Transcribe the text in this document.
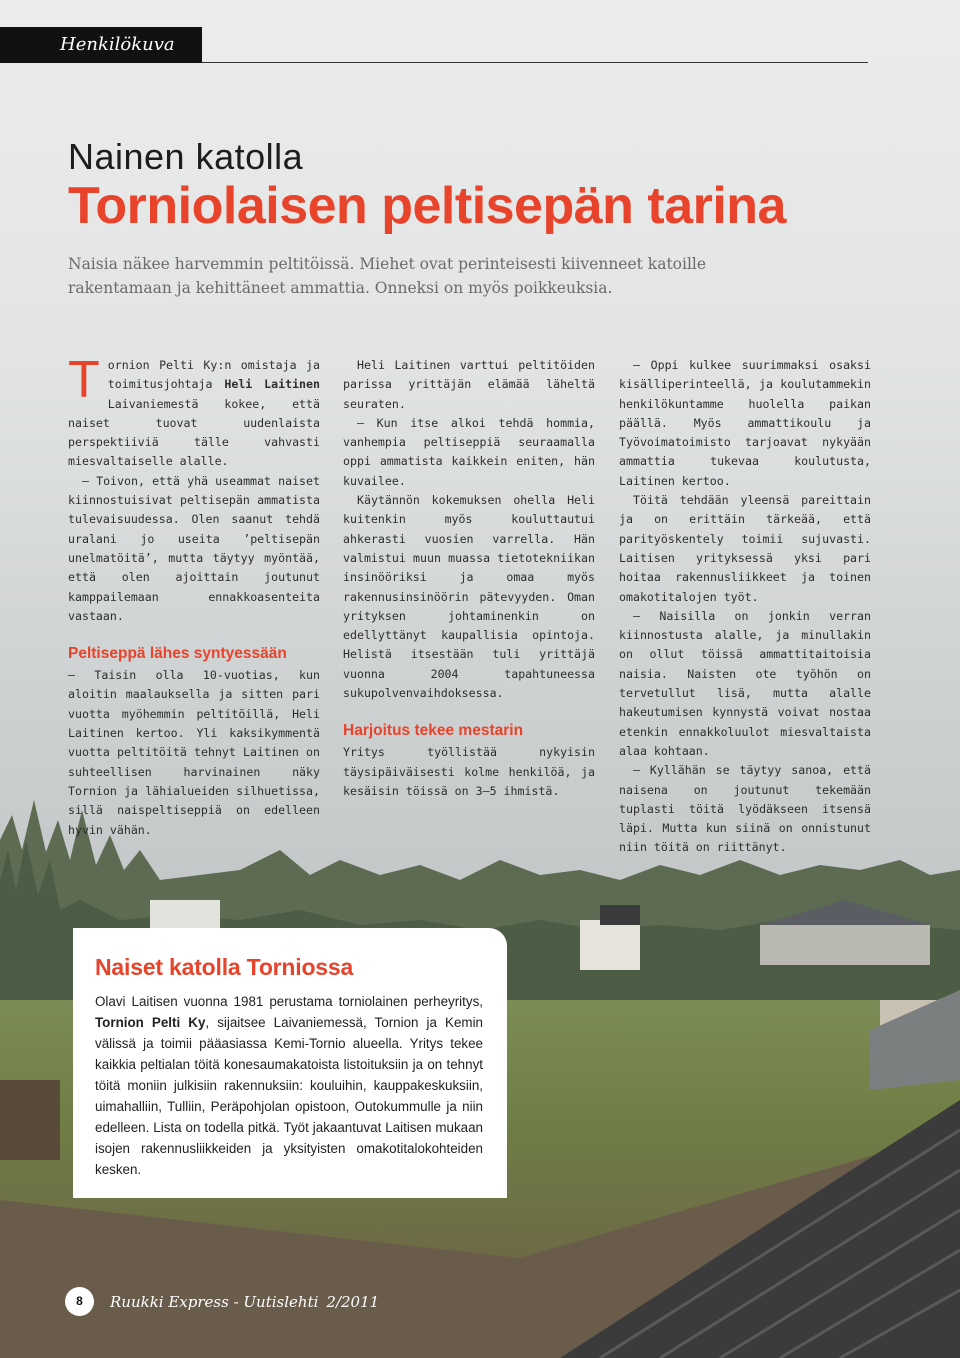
Henkilökuva
Nainen katolla
Torniolaisen peltisepän tarina
Naisia näkee harvemmin peltitöissä. Miehet ovat perinteisesti kiivenneet katoille rakentamaan ja kehittäneet ammattia. Onneksi on myös poikkeuksia.

Tornion Pelti Ky:n omistaja ja toimitusjohtaja Heli Laitinen Laivaniemestä kokee, että naiset tuovat uudenlaista perspektiiviä tälle vahvasti miesvaltaiselle alalle.

– Toivon, että yhä useammat naiset kiinnostuisivat peltisepän ammatista tulevaisuudessa. Olen saanut tehdä uralani jo useita ’peltisepän unelmatöitä’, mutta täytyy myöntää, että olen ajoittain joutunut kamppailemaan ennakkoasenteita vastaan.

Peltiseppä lähes syntyessään

– Taisin olla 10-vuotias, kun aloitin maalauksella ja sitten pari vuotta myöhemmin peltitöillä, Heli Laitinen kertoo. Yli kaksikymmentä vuotta peltitöitä tehnyt Laitinen on suhteellisen harvinainen näky Tornion ja lähialueiden silhuetissa, sillä naispeltiseppiä on edelleen hyvin vähän.

Heli Laitinen varttui peltitöiden parissa yrittäjän elämää läheltä seuraten.

– Kun itse alkoi tehdä hommia, vanhempia peltiseppiä seuraamalla oppi ammatista kaikkein eniten, hän kuvailee.

Käytännön kokemuksen ohella Heli kuitenkin myös kouluttautui ahkerasti vuosien varrella. Hän valmistui muun muassa tietotekniikan insinööriksi ja omaa myös rakennusinsinöörin pätevyyden. Oman yrityksen johtaminenkin on edellyttänyt kaupallisia opintoja. Helistä itsestään tuli yrittäjä vuonna 2004 tapahtuneessa sukupolvenvaihdoksessa.

Harjoitus tekee mestarin

Yritys työllistää nykyisin täysipäiväisesti kolme henkilöä, ja kesäisin töissä on 3–5 ihmistä.

– Oppi kulkee suurimmaksi osaksi kisälliperinteellä, ja koulutammekin henkilökuntamme huolella paikan päällä. Myös ammattikoulu ja Työvoimatoimisto tarjoavat nykyään ammattia tukevaa koulutusta, Laitinen kertoo.

Töitä tehdään yleensä pareittain ja on erittäin tärkeää, että parityöskentely toimii sujuvasti. Laitisen yrityksessä yksi pari hoitaa rakennusliikkeet ja toinen omakotitalojen työt.

– Naisilla on jonkin verran kiinnostusta alalle, ja minullakin on ollut töissä ammattitaitoisia naisia. Naisten ote työhön on tervetullut lisä, mutta alalle hakeutumisen kynnystä voivat nostaa etenkin ennakkoluulot miesvaltaista alaa kohtaan.

– Kyllähän se täytyy sanoa, että naisena on joutunut tekemään tuplasti töitä lyödäkseen itsensä läpi. Mutta kun siinä on onnistunut niin töitä on riittänyt.

Naiset katolla Torniossa

Olavi Laitisen vuonna 1981 perustama torniolainen perheyritys, Tornion Pelti Ky, sijaitsee Laivaniemessä, Tornion ja Kemin välissä ja toimii pääasiassa Kemi-Tornio alueella. Yritys tekee kaikkia peltialan töitä konesaumakatoista listoituksiin ja on tehnyt töitä moniin julkisiin rakennuksiin: kouluihin, kauppakeskuksiin, uimahalliin, Tulliin, Peräpohjolan opistoon, Outokummulle ja niin edelleen. Lista on todella pitkä. Työt jakaantuvat Laitisen mukaan isojen rakennusliikkeiden ja yksityisten omakotitalokohteiden kesken.

8	Ruukki Express - Uutislehti 2/2011
